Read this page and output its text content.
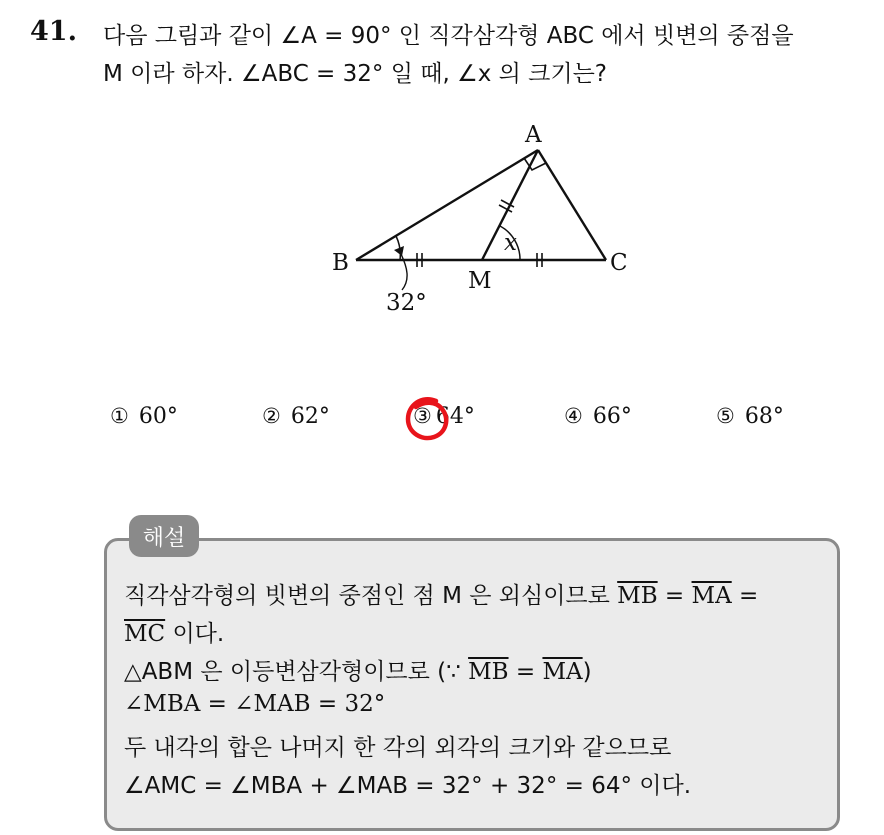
41. 다음 그림과 같이 ∠A = 90° 인 직각삼각형 ABC 에서 빗변의 중점을
M 이라 하자. ∠ABC = 32° 일 때, ∠x 의 크기는?
A
B	C
M
x
32°
① 60°	② 62°	③ 64°	④ 66°	⑤ 68°
해설
직각삼각형의 빗변의 중점인 점 M 은 외심이므로 $\overline{MB} = \overline{MA}$ =
$\overline{MC}$ 이다.
△ABM 은 이등변삼각형이므로 (∵ $\overline{MB} = \overline{MA}$)
∠MBA = ∠MAB = 32°
두 내각의 합은 나머지 한 각의 외각의 크기와 같으므로
∠AMC = ∠MBA + ∠MAB = 32° + 32° = 64° 이다.
